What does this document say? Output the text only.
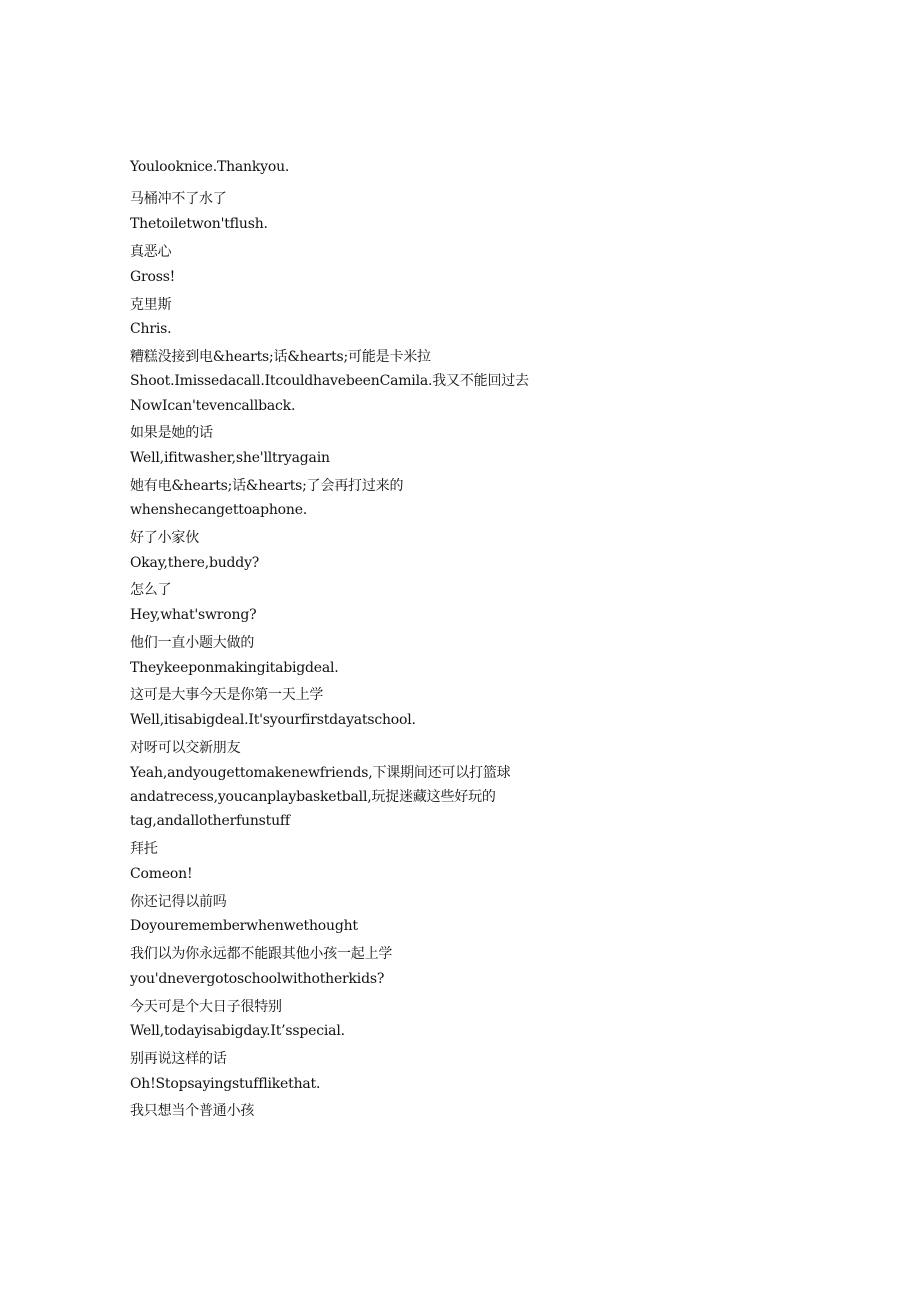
Youlooknice.Thankyou.
马桶冲不了水了
Thetoiletwon'tflush.
真恶心
Gross!
克里斯
Chris.
糟糕没接到电&hearts;话&hearts;可能是卡米拉
Shoot.Imissedacall.ItcouldhavebeenCamila.我又不能回过去
NowIcan'tevencallback.
如果是她的话
Well,ifitwasher,she'lltryagain
她有电&hearts;话&hearts;了会再打过来的
whenshecangettoaphone.
好了小家伙
Okay,there,buddy?
怎么了
Hey,what'swrong?
他们一直小题大做的
Theykeeponmakingitabigdeal.
这可是大事今天是你第一天上学
Well,itisabigdeal.It'syourfirstdayatschool.
对呀可以交新朋友
Yeah,andyougettomakenewfriends,下课期间还可以打篮球
andatrecess,youcanplaybasketball,玩捉迷藏这些好玩的
tag,andallotherfunstuff
拜托
Comeon!
你还记得以前吗
Doyourememberwhenwethought
我们以为你永远都不能跟其他小孩一起上学
you'dnevergotoschoolwithotherkids?
今天可是个大日子很特别
Well,todayisabigday.It’sspecial.
别再说这样的话
Oh!Stopsayingstufflikethat.
我只想当个普通小孩
